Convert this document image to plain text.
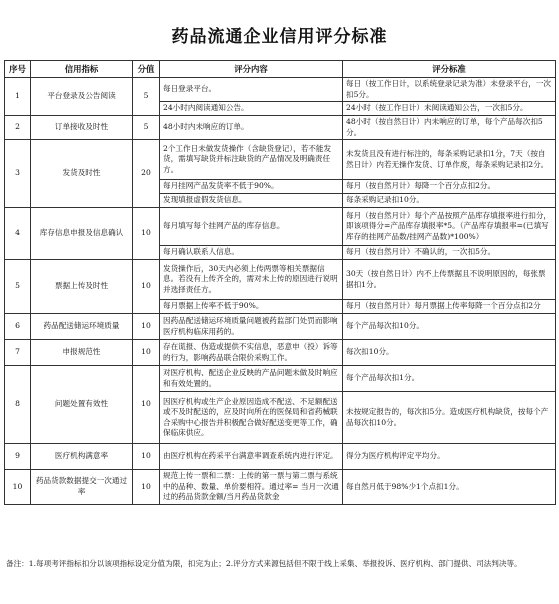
药品流通企业信用评分标准
序号	信用指标	分值	评分内容	评分标准
1	平台登录及公告阅读	5	每日登录平台。	每日（按工作日计，以系统登录记录为准）未登录平台，一次扣5分。
			24小时内阅读通知公告。	24小时（按工作日计）未阅读通知公告，一次扣5分。
2	订单接收及时性	5	48小时内未响应的订单。	48小时（按自然日计）内未响应的订单，每个产品每次扣5分。
3	发货及时性	20	2个工作日未做发货操作（含缺货登记），若不能发货，需填写缺货并标注缺货的产品情况及明确责任方。	未发货且没有进行标注的，每条采购记录扣1分，7天（按自然日计）内若无操作发货、订单作废，每条采购记录扣2分。
			每月挂网产品发货率不低于90%。	每月（按自然月计）每降一个百分点扣2分。
			发现填报虚假发货信息。	每条采购记录扣10分。
4	库存信息申报及信息确认	10	每月填写每个挂网产品的库存信息。	每月（按自然月计）每个产品按照产品库存填报率进行扣分，即该项得分=产品库存填报率*5。（产品库存填报率=(已填写库存的挂网产品数/挂网产品数)*100%）
			每月确认联系人信息。	每月（按自然月计）不确认的，一次扣5分。
5	票据上传及时性	10	发货操作后，30天内必须上传两票等相关票据信息。若没有上传齐全的，需对未上传的原因进行说明并选择责任方。	30天（按自然日计）内不上传票据且不说明原因的，每张票据扣1分。
			每月票据上传率不低于90%。	每月（按自然月计）每月票据上传率每降一个百分点扣2分
6	药品配送储运环境质量	10	因药品配送储运环境质量问题被药监部门处罚而影响医疗机构临床用药的。	每个产品每次扣10分。
7	申报规范性	10	存在谎报、伪造或提供不实信息，恶意申（投）诉等的行为，影响药品联合限价采购工作。	每次扣10分。
8	问题处置有效性	10	对医疗机构、配送企业反映的产品问题未做及时响应和有效处置的。	每个产品每次扣1分。
			因医疗机构或生产企业原因造成不配送、不足额配送或不及时配送的，应及时向所在的医保局和省药械联合采购中心报告并积极配合做好配送变更等工作，确保临床供应。	未按规定报告的，每次扣5分。造成医疗机构缺货，按每个产品每次扣10分。
9	医疗机构满意率	10	由医疗机构在药采平台满意率调查系统内进行评定。	得分为医疗机构评定平均分。
10	药品货款数据提交一次通过率	10	规范上传一票和二票：上传的第一票与第二票与系统中的品种、数量、单价要相符。通过率= 当月一次通过的药品货款金额/当月药品货款金	每自然月低于98%少1个点扣1分。
备注：1.每项考评指标扣分以该项指标设定分值为限，扣完为止；2.评分方式来源包括但不限于线上采集、举报投诉、医疗机构、部门提供、司法判决等。
